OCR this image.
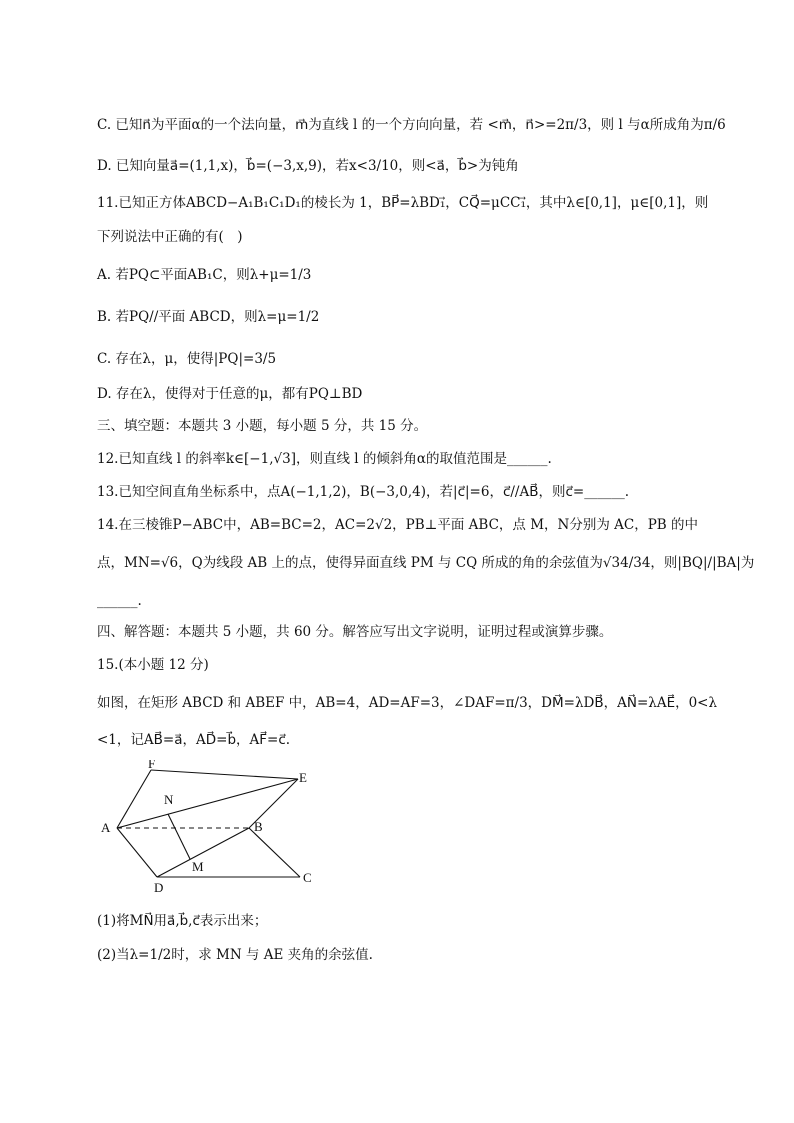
C. 已知n⃗为平面α的一个法向量，m⃗为直线 l 的一个方向向量，若 <m⃗，n⃗>=2π/3，则 l 与α所成角为π/6
D. 已知向量a⃗=(1,1,x)，b⃗=(−3,x,9)，若x<3/10，则<a⃗，b⃗>为钝角
11.已知正方体ABCD−A₁B₁C₁D₁的棱长为 1，BP⃗=λBD₁⃗，CQ⃗=μCC₁⃗，其中λ∈[0,1]，μ∈[0,1]，则
下列说法中正确的有(　)
A. 若PQ⊂平面AB₁C，则λ+μ=1/3
B. 若PQ//平面 ABCD，则λ=μ=1/2
C. 存在λ，μ，使得|PQ|=3/5
D. 存在λ，使得对于任意的μ，都有PQ⊥BD
三、填空题：本题共 3 小题，每小题 5 分，共 15 分。
12.已知直线 l 的斜率k∈[−1,√3]，则直线 l 的倾斜角α的取值范围是______.
13.已知空间直角坐标系中，点A(−1,1,2)，B(−3,0,4)，若|c⃗|=6，c⃗//AB⃗，则c⃗=______.
14.在三棱锥P−ABC中，AB=BC=2，AC=2√2，PB⊥平面 ABC，点 M，N分别为 AC，PB 的中
点，MN=√6，Q为线段 AB 上的点，使得异面直线 PM 与 CQ 所成的角的余弦值为√34/34，则|BQ|/|BA|为
______.
四、解答题：本题共 5 小题，共 60 分。解答应写出文字说明，证明过程或演算步骤。
15.(本小题 12 分)
如图，在矩形 ABCD 和 ABEF 中，AB=4，AD=AF=3，∠DAF=π/3，DM⃗=λDB⃗，AN⃗=λAE⃗，0<λ
<1，记AB⃗=a⃗，AD⃗=b⃗，AF⃗=c⃗.
F
E
N
A	B
M
D
C
(1)将MN⃗用a⃗,b⃗,c⃗表示出来；
(2)当λ=1/2时，求 MN 与 AE 夹角的余弦值.
